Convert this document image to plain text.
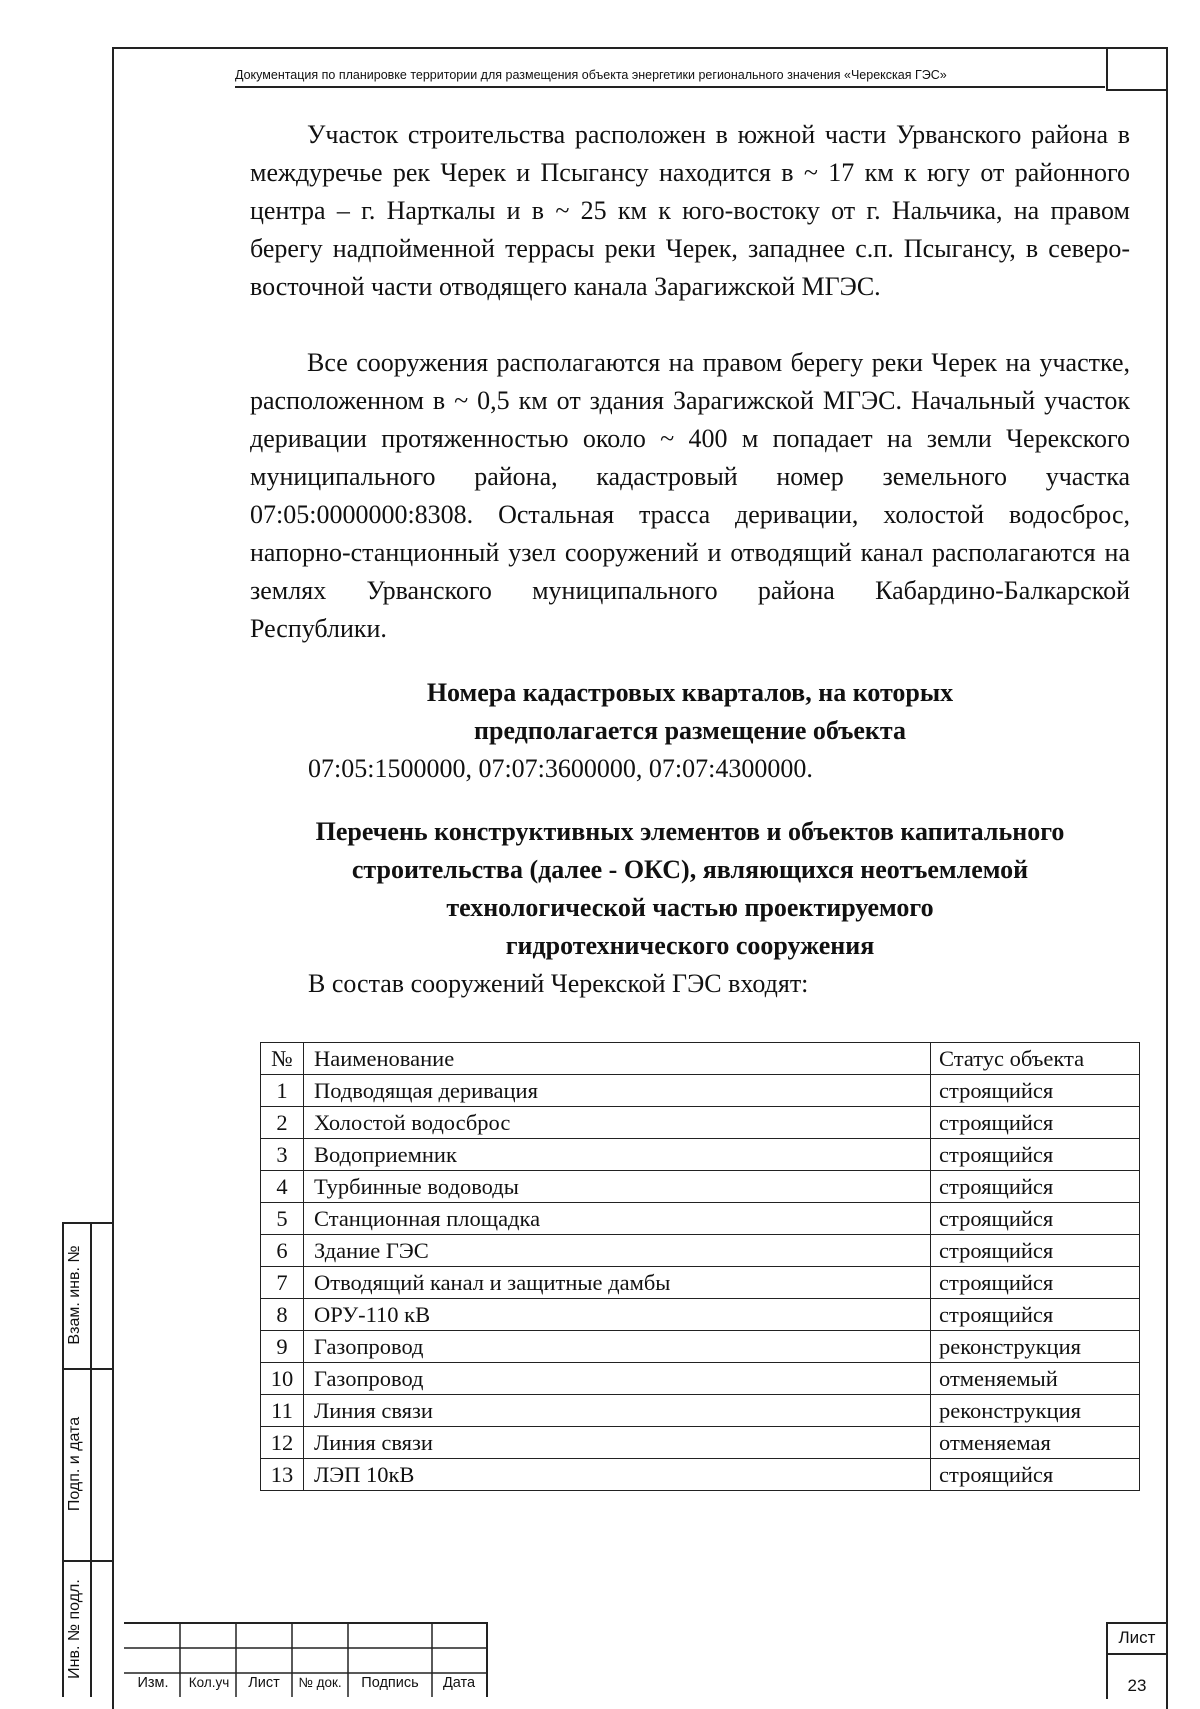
Документация по планировке территории для размещения объекта энергетики регионального значения «Черекская ГЭС»

Участок строительства расположен в южной части Урванского района в междуречье рек Черек и Псыгансу находится в ~ 17 км к югу от районного центра – г. Нарткалы и в ~ 25 км к юго-востоку от г. Нальчика, на правом берегу надпойменной террасы реки Черек, западнее с.п. Псыгансу, в северо-восточной части отводящего канала Зарагижской МГЭС.

Все сооружения располагаются на правом берегу реки Черек на участке, расположенном в ~ 0,5 км от здания Зарагижской МГЭС. Начальный участок деривации протяженностью около ~ 400 м попадает на земли Черекского муниципального района, кадастровый номер земельного участка 07:05:0000000:8308. Остальная трасса деривации, холостой водосброс, напорно-станционный узел сооружений и отводящий канал располагаются на землях Урванского муниципального района Кабардино-Балкарской Республики.

Номера кадастровых кварталов, на которых

предполагается размещение объекта

07:05:1500000, 07:07:3600000, 07:07:4300000.

Перечень конструктивных элементов и объектов капитального

строительства (далее - ОКС), являющихся неотъемлемой

технологической частью проектируемого

гидротехнического сооружения

В состав сооружений Черекской ГЭС входят:

№	Наименование	Статус объекта
1	Подводящая деривация	строящийся
2	Холостой водосброс	строящийся
3	Водоприемник	строящийся
4	Турбинные водоводы	строящийся
5	Станционная площадка	строящийся
6	Здание ГЭС	строящийся
7	Отводящий канал и защитные дамбы	строящийся
8	ОРУ-110 кВ	строящийся
9	Газопровод	реконструкция
10	Газопровод	отменяемый
11	Линия связи	реконструкция
12	Линия связи	отменяемая
13	ЛЭП 10кВ	строящийся
Взам. инв. №
Подп. и дата
Инв. № подл.
Изм.	Кол.уч	Лист	№ док.	Подпись	Дата
Лист
23
